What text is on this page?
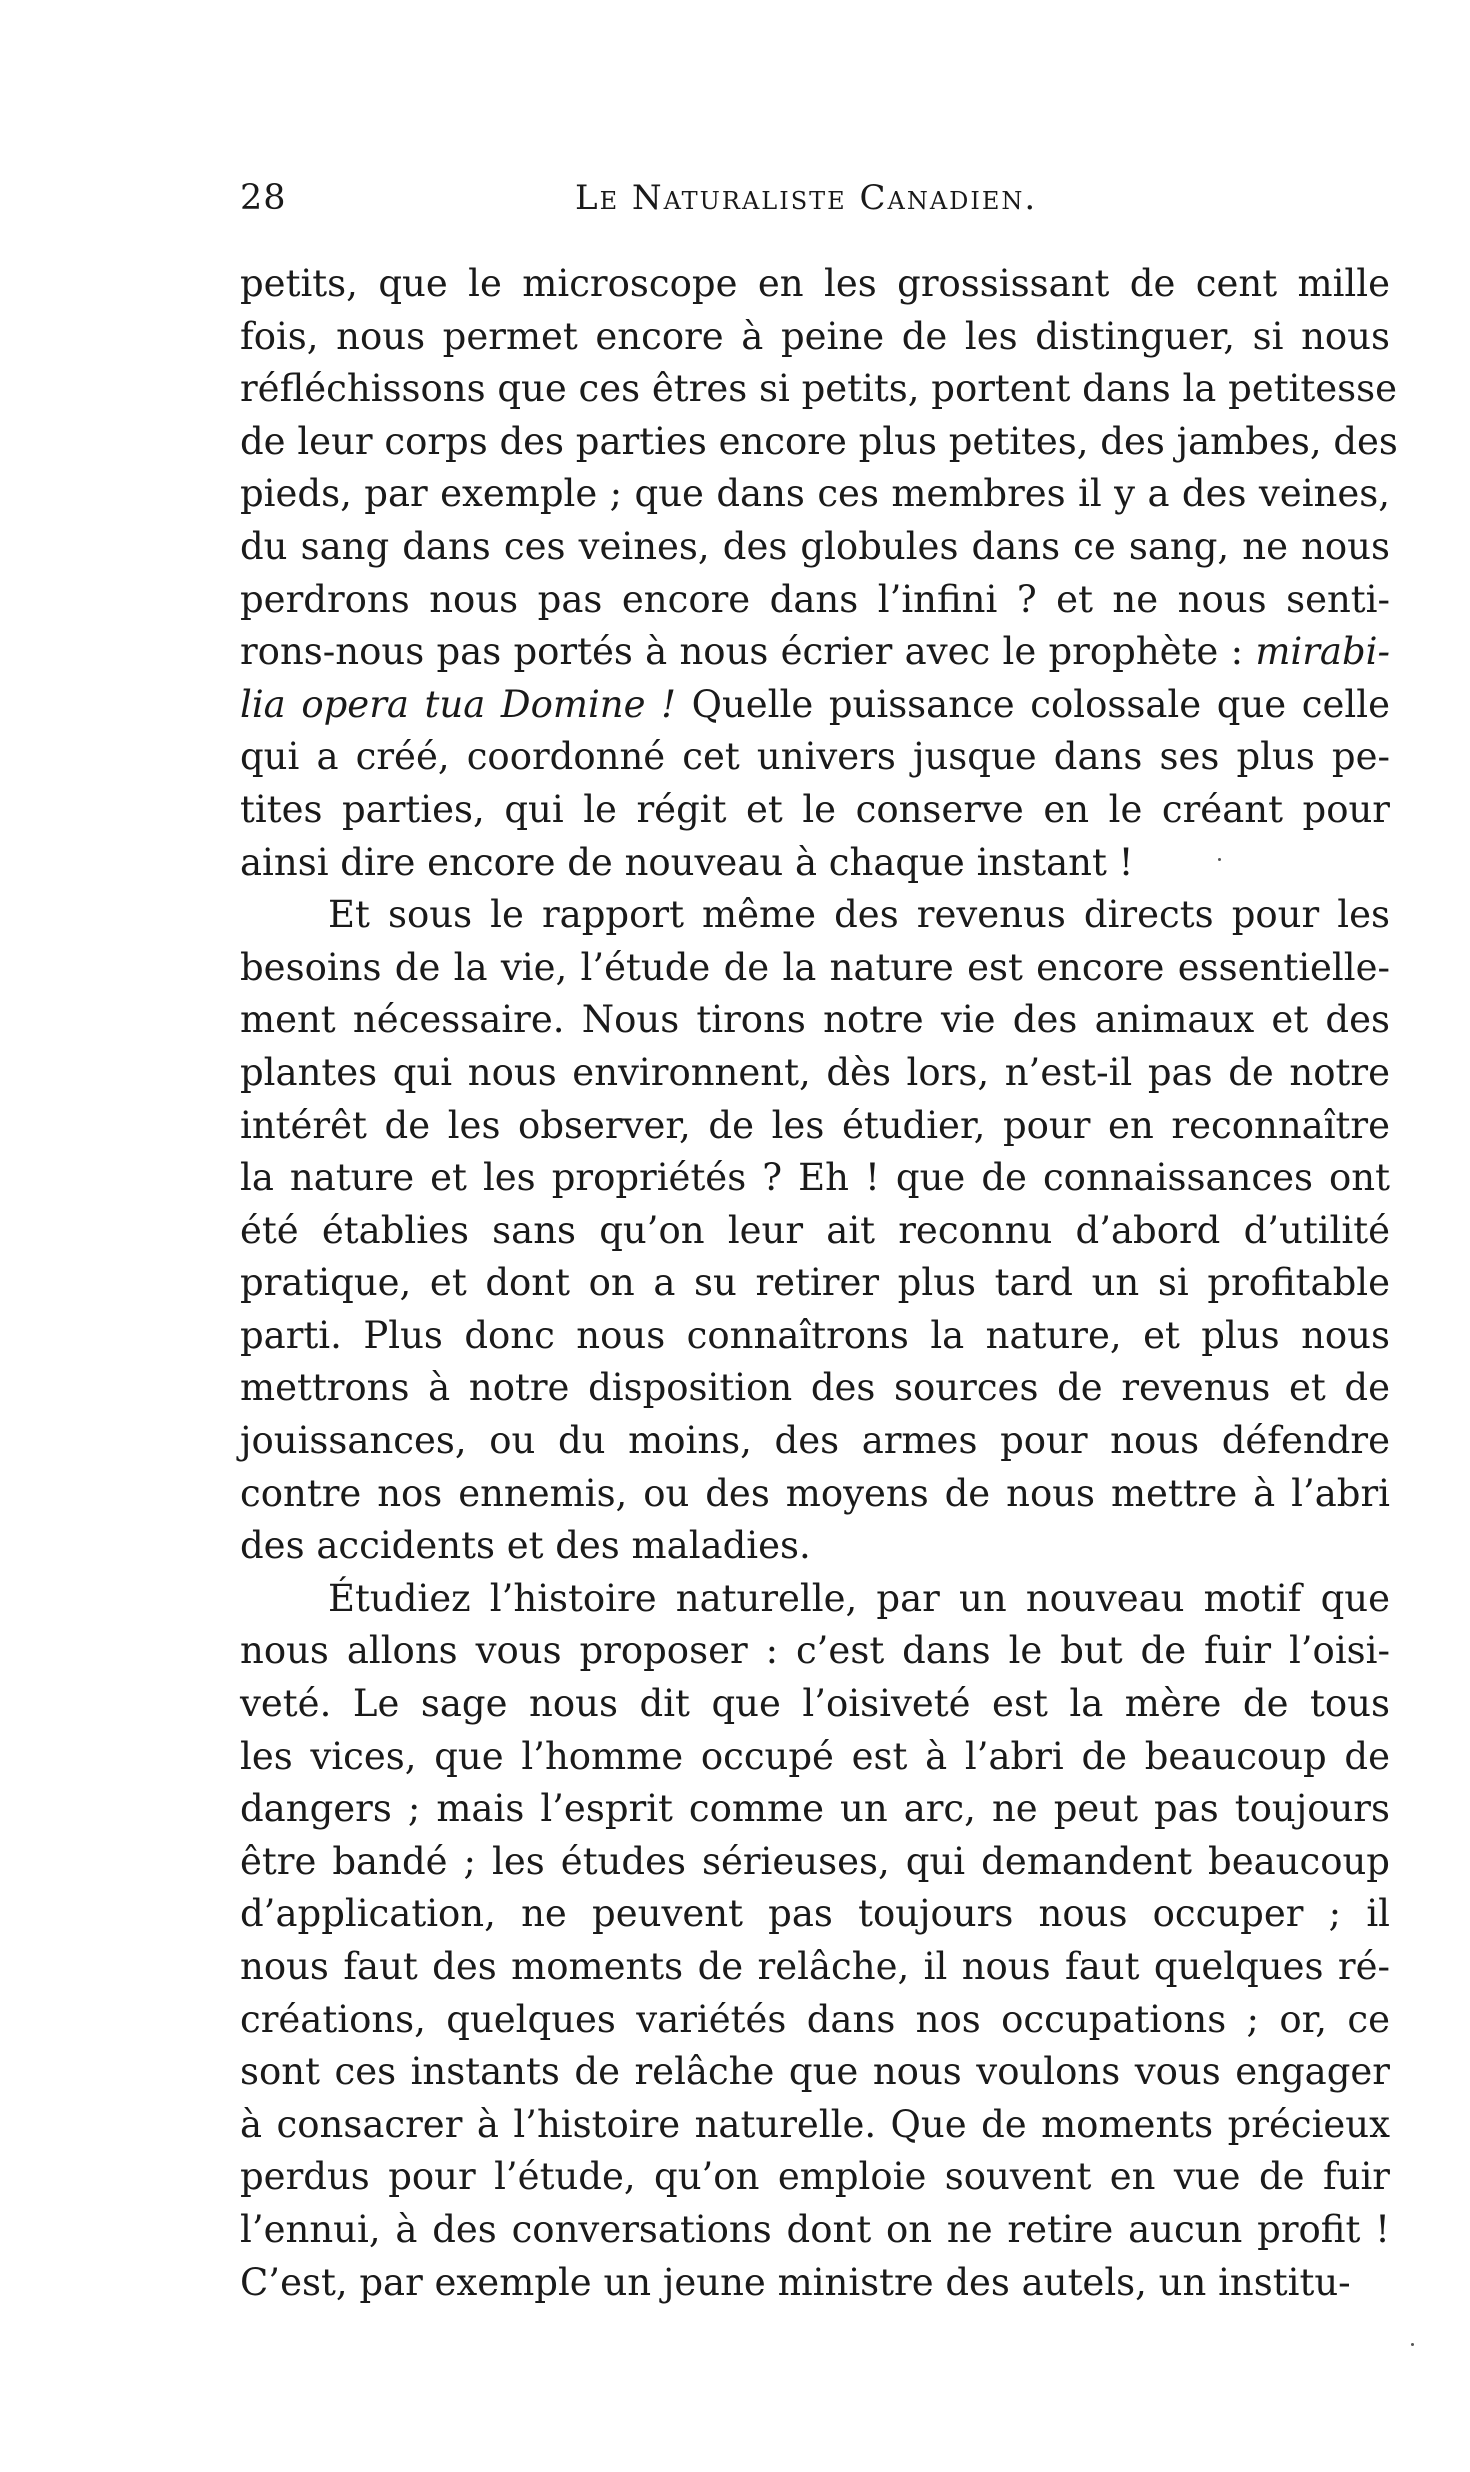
28	Le Naturaliste Canadien.
petits, que le microscope en les grossissant de cent mille
fois, nous permet encore à peine de les distinguer, si nous
réfléchissons que ces êtres si petits, portent dans la petitesse
de leur corps des parties encore plus petites, des jambes, des
pieds, par exemple ; que dans ces membres il y a des veines,
du sang dans ces veines, des globules dans ce sang, ne nous
perdrons nous pas encore dans l’infini ? et ne nous senti-
rons-nous pas portés à nous écrier avec le prophète : mirabi-
lia opera tua Domine ! Quelle puissance colossale que celle
qui a créé, coordonné cet univers jusque dans ses plus pe-
tites parties, qui le régit et le conserve en le créant pour
ainsi dire encore de nouveau à chaque instant !
Et sous le rapport même des revenus directs pour les
besoins de la vie, l’étude de la nature est encore essentielle-
ment nécessaire. Nous tirons notre vie des animaux et des
plantes qui nous environnent, dès lors, n’est-il pas de notre
intérêt de les observer, de les étudier, pour en reconnaître
la nature et les propriétés ? Eh ! que de connaissances ont
été établies sans qu’on leur ait reconnu d’abord d’utilité
pratique, et dont on a su retirer plus tard un si profitable
parti. Plus donc nous connaîtrons la nature, et plus nous
mettrons à notre disposition des sources de revenus et de
jouissances, ou du moins, des armes pour nous défendre
contre nos ennemis, ou des moyens de nous mettre à l’abri
des accidents et des maladies.
Étudiez l’histoire naturelle, par un nouveau motif que
nous allons vous proposer : c’est dans le but de fuir l’oisi-
veté. Le sage nous dit que l’oisiveté est la mère de tous
les vices, que l’homme occupé est à l’abri de beaucoup de
dangers ; mais l’esprit comme un arc, ne peut pas toujours
être bandé ; les études sérieuses, qui demandent beaucoup
d’application, ne peuvent pas toujours nous occuper ; il
nous faut des moments de relâche, il nous faut quelques ré-
créations, quelques variétés dans nos occupations ; or, ce
sont ces instants de relâche que nous voulons vous engager
à consacrer à l’histoire naturelle. Que de moments précieux
perdus pour l’étude, qu’on emploie souvent en vue de fuir
l’ennui, à des conversations dont on ne retire aucun profit !
C’est, par exemple un jeune ministre des autels, un institu-
